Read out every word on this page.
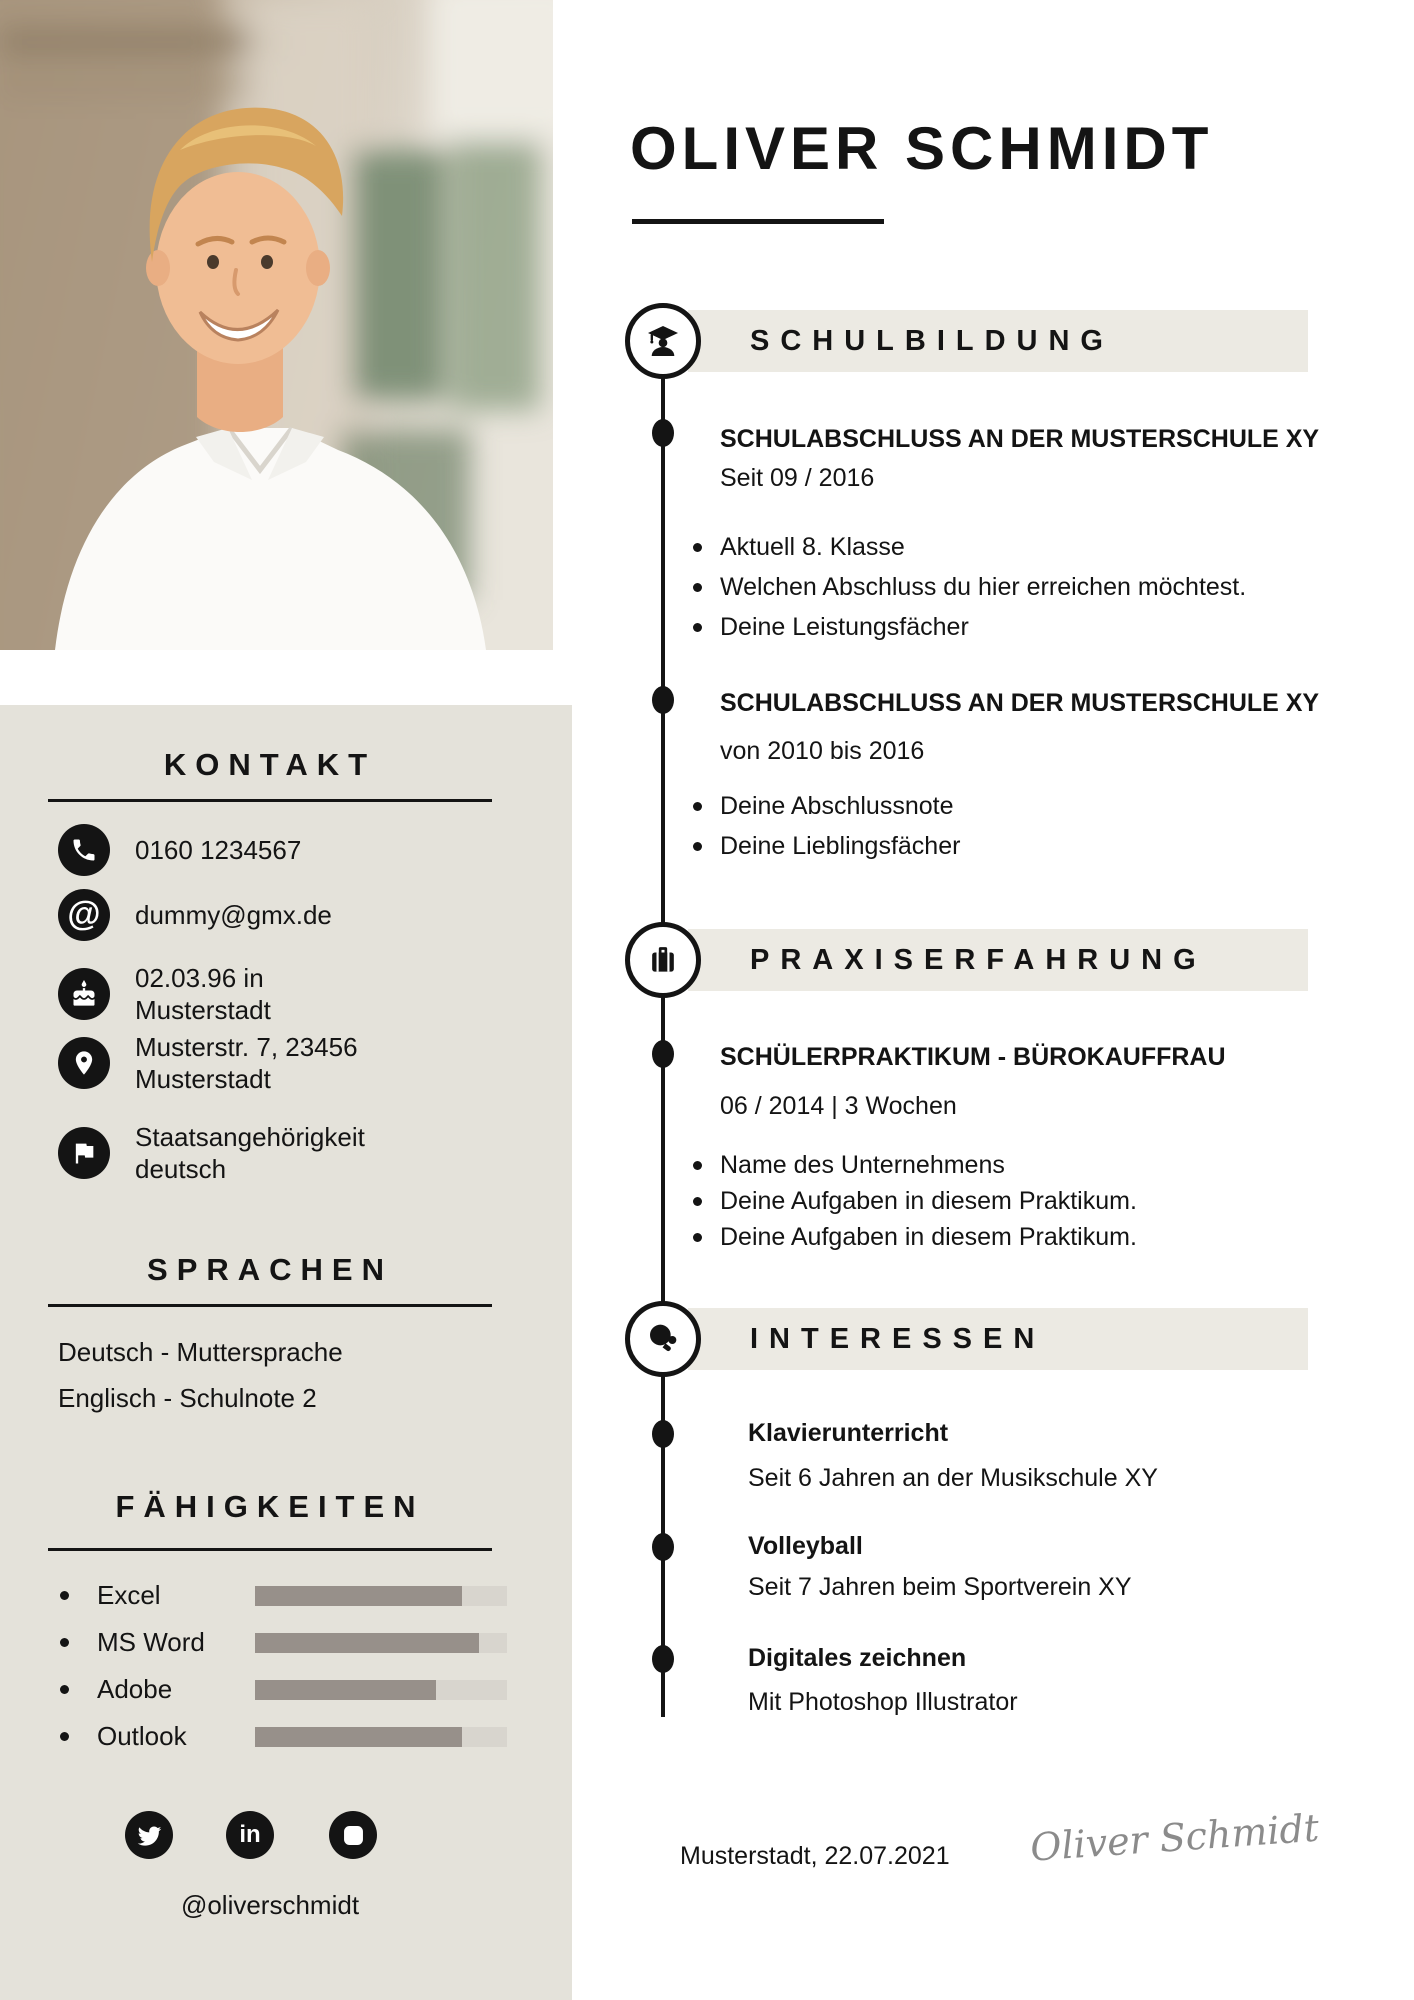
KONTAKT
0160 1234567
@ dummy@gmx.de
02.03.96 in Musterstadt
Musterstr. 7, 23456 Musterstadt
Staatsangehörigkeit deutsch
SPRACHEN
Deutsch - Muttersprache
Englisch - Schulnote 2
FÄHIGKEITEN
Excel
MS Word
Adobe
Outlook
in
@oliverschmidt
OLIVER SCHMIDT
SCHULBILDUNG
SCHULABSCHLUSS AN DER MUSTERSCHULE XY
Seit 09 / 2016
Aktuell 8. Klasse
Welchen Abschluss du hier erreichen möchtest.
Deine Leistungsfächer
SCHULABSCHLUSS AN DER MUSTERSCHULE XY
von 2010 bis 2016
Deine Abschlussnote
Deine Lieblingsfächer
PRAXISERFAHRUNG
SCHÜLERPRAKTIKUM - BÜROKAUFFRAU
06 / 2014 | 3 Wochen
Name des Unternehmens
Deine Aufgaben in diesem Praktikum.
Deine Aufgaben in diesem Praktikum.
INTERESSEN
Klavierunterricht
Seit 6 Jahren an der Musikschule XY
Volleyball
Seit 7 Jahren beim Sportverein XY
Digitales zeichnen
Mit Photoshop Illustrator
Musterstadt, 22.07.2021 Oliver Schmidt
